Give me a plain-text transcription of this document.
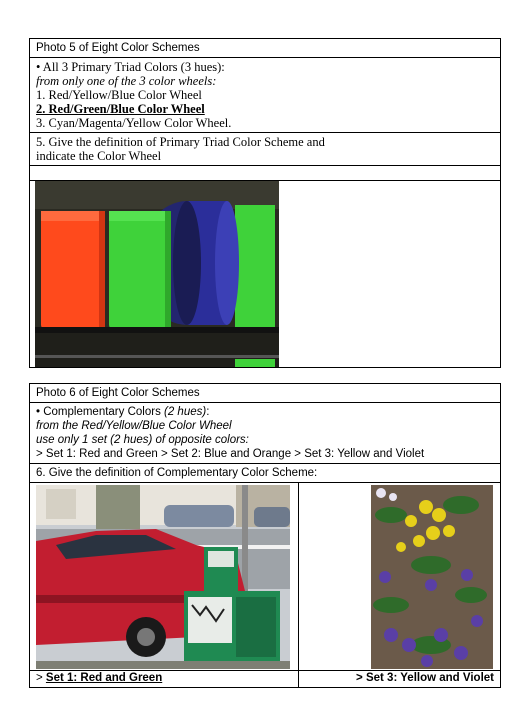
Photo 5 of Eight Color Schemes
• All 3 Primary Triad Colors (3 hues):
from only one of the 3 color wheels:
1. Red/Yellow/Blue Color Wheel
2. Red/Green/Blue Color Wheel
3. Cyan/Magenta/Yellow Color Wheel.
5. Give the definition of Primary Triad Color Scheme and
indicate the Color Wheel
Photo 6 of Eight Color Schemes
• Complementary Colors (2 hues):
from the Red/Yellow/Blue Color Wheel
use only 1 set (2 hues) of opposite colors:
> Set 1: Red and Green > Set 2: Blue and Orange > Set 3: Yellow and Violet
6. Give the definition of Complementary Color Scheme:
> Set 1: Red and Green	> Set 3: Yellow and Violet
